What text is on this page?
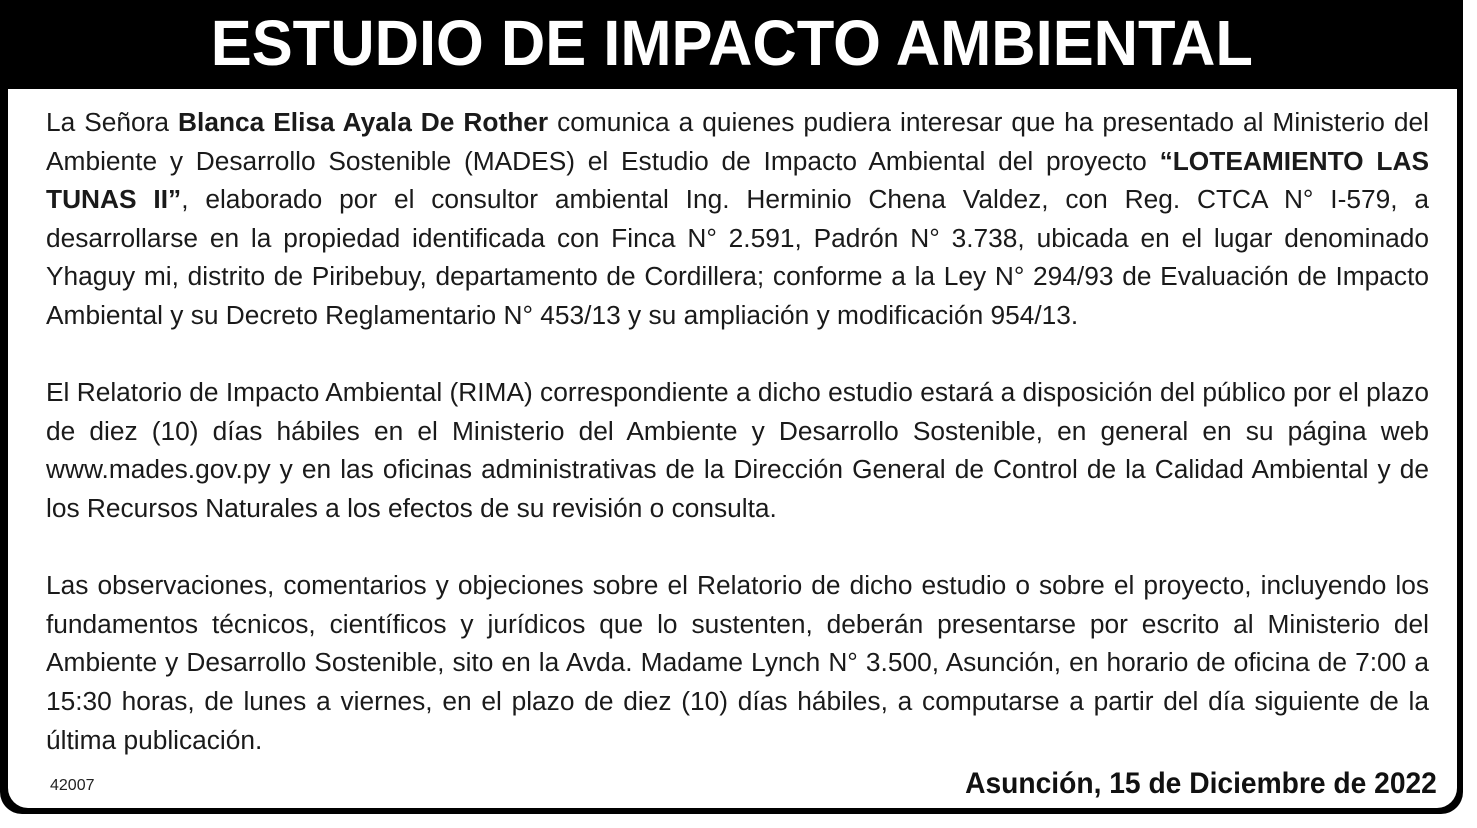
ESTUDIO DE IMPACTO AMBIENTAL

La Señora Blanca Elisa Ayala De Rother comunica a quienes pudiera interesar que ha presentado al Ministerio del Ambiente y Desarrollo Sostenible (MADES) el Estudio de Impacto Ambiental del proyecto “LOTEAMIENTO LAS TUNAS II”, elaborado por el consultor ambiental Ing. Herminio Chena Valdez, con Reg. CTCA N° I-579, a desarrollarse en la propiedad identificada con Finca N° 2.591, Padrón N° 3.738, ubicada en el lugar denominado Yhaguy mi, distrito de Piribebuy, departamento de Cordillera; conforme a la Ley N° 294/93 de Evaluación de Impacto Ambiental y su Decreto Reglamentario N° 453/13 y su ampliación y modificación 954/13.

El Relatorio de Impacto Ambiental (RIMA) correspondiente a dicho estudio estará a disposición del público por el plazo de diez (10) días hábiles en el Ministerio del Ambiente y Desarrollo Sostenible, en general en su página web www.mades.gov.py y en las oficinas administrativas de la Dirección General de Control de la Calidad Ambiental y de los Recursos Naturales a los efectos de su revisión o consulta.

Las observaciones, comentarios y objeciones sobre el Relatorio de dicho estudio o sobre el proyecto, incluyendo los fundamentos técnicos, científicos y jurídicos que lo sustenten, deberán presentarse por escrito al Ministerio del Ambiente y Desarrollo Sostenible, sito en la Avda. Madame Lynch N° 3.500, Asunción, en horario de oficina de 7:00 a 15:30 horas, de lunes a viernes, en el plazo de diez (10) días hábiles, a computarse a partir del día siguiente de la última publicación.

42007	Asunción, 15 de Diciembre de 2022
